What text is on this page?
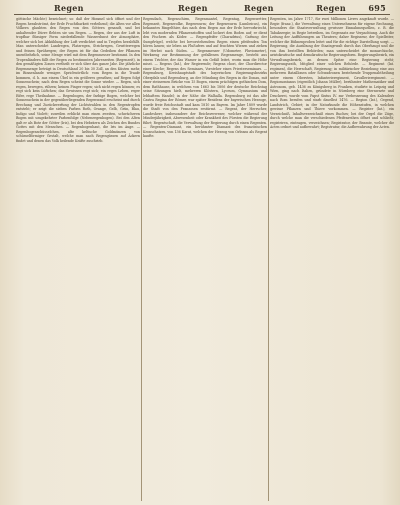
Regen	Regen	Regen	Regen	695

göttische Mächte) bezeichnet; so: daß der Himmel sich öffnet und der Regen herabströmt, der Erde Fruchtbarkeit verleihend; die Alten vor allen Völkern glaubten den Regen von den Göttern gesandt, und bei anhaltender Dürre flehten sie um Regen. — Regen, der aus der Luft in tropfbar flüssiger Form niederfallende Wasserdunst der Atmosphäre, welcher sich bei Abkühlung der Luft verdichtet und in Tropfen herabfällt. Man unterscheidet Landregen, Platzregen, Strichregen, Gewitterregen und feinen Sprühregen; der Regen ist für das Gedeihen der Pflanzen unentbehrlich, seine Menge wird mit dem Regenmesser bestimmt. In den Tropenländern fällt der Regen zu bestimmten Jahreszeiten (Regenzeit), in den gemäßigten Zonen vertheilt er sich über das ganze Jahr. Die jährliche Regenmenge beträgt in Deutschland 20 bis 30 Zoll, an den Küsten mehr, im Binnenlande weniger. Sprichwörtlich: vom Regen in die Traufe kommen, d. h. aus einem Übel in ein größeres gerathen; auf Regen folgt Sonnenschein; nach dem Regen scheint die Sonne wieder. — Regen, sich regen, bewegen, rühren; keinen Finger regen; sich nicht regen können; es regt sich kein Lüftchen; das Gewissen regt sich; ein reges Leben, reger Eifer, rege Theilnahme. — Regenbogen, der farbige Bogen, welcher bei Sonnenschein in der gegenüberliegenden Regenwand erscheint und durch Brechung und Zurückwerfung der Lichtstrahlen in den Regentropfen entsteht; er zeigt die sieben Farben Roth, Orange, Gelb, Grün, Blau, Indigo und Violett; zuweilen erblickt man einen zweiten, schwächeren Bogen mit umgekehrter Farbenfolge (Nebenregenbogen). Bei den Alten galt er als Bote der Götter (Iris), bei den Hebräern als Zeichen des Bundes Gottes mit den Menschen. — Regenbogenhaut, die Iris im Auge. — Regenbogenschüsselchen, alte keltische Goldmünzen von schüsselförmiger Gestalt, welche man nach Regengüssen auf Äckern findet und denen das Volk heilende Kräfte zuschrieb.

Regendach, Regenschirm, Regenmantel, Regentag, Regenwetter, Regenzeit, Regenwolke, Regenwurm; der Regenwurm (Lumbricus), ein bekanntes Ringelthier, das nach dem Regen aus der Erde hervorkriecht, lebt von modernden Pflanzenstoffen und lockert den Boden auf; er dient den Fischern als Köder. — Regenpfeifer (Charadrius), Gattung der Sumpfvögel, welche bei bevorstehendem Regen einen pfeifenden Ton hören lassen; sie leben an Flußufern und auf feuchten Wiesen und ziehen im Herbst nach Süden. — Regenmesser (Udometer, Pluviometer), Werkzeug zur Bestimmung der gefallenen Regenmenge, besteht aus einem Trichter, der das Wasser in ein Gefäß leitet, worin man die Höhe misst. — Regens (lat.), der Regierende; Regens chori, der Chordirector einer Kirche; Regens des Seminars, Vorsteher eines Priesterseminars. — Regensburg, Kreishauptstadt des bayerischen Regierungsbezirks Oberpfalz und Regensburg, an der Mündung des Regen in die Donau, mit einer steinernen Brücke von 15 Bogen, einem prächtigen gothischen Dom, dem Rathhause, in welchem von 1663 bis 1806 der deutsche Reichstag seine Sitzungen hielt, mehreren Klöstern, Lyceum, Gymnasium und lebhaftem Handel; in der Nähe die Walhalla. Regensburg ist das alte Castra Regina der Römer, war später Residenz der bayerischen Herzoge, wurde freie Reichsstadt und kam 1810 an Bayern. Im Jahre 1809 wurde die Stadt von den Franzosen erstürmt. — Regent, der Herrscher, Landesherr, insbesondere der Reichsverweser, welcher während der Minderjährigkeit, Abwesenheit oder Krankheit des Fürsten die Regierung führt; Regentschaft, die Verwaltung der Regierung durch einen Regenten. — Regenten-Diamant, ein berühmter Diamant des französischen Kronschatzes, von 136 Karat, welchen der Herzog von Orleans als Regent kaufte.

Regenten, im Jahre 1717, für zwei Millionen Livres angekauft wurde. — Regie (franz.), die Verwaltung eines Unternehmens für eigene Rechnung, besonders die Staatsverwaltung gewisser Einnahmequellen, z. B. die Tabaksregie; in Regie betreiben, im Gegensatz zur Verpachtung. Auch die Leitung der Aufführungen an Theatern; daher Regisseur, der Spielleiter, welcher die Bühnenproben leitet und für die richtige Darstellung sorgt. — Regierung, die Ausübung der Staatsgewalt durch das Oberhaupt und die von ihm bestellten Behörden; man unterscheidet die monarchische, aristokratische und demokratische Regierungsform. Regierungsbezirk, ein Verwaltungsbezirk, an dessen Spitze eine Regierung steht; Regierungsrath, Mitglied einer solchen Behörde. — Regiment (lat. regimen), die Herrschaft, Regierung; in militärischer Beziehung eine aus mehreren Bataillonen oder Schwadronen bestehende Truppenabtheilung unter einem Obersten, Infanterieregiment, Cavallerieregiment. — Regiomontanus (eigentlich Johann Müller), berühmter Mathematiker und Astronom, geb. 1436 zu Königsberg in Franken, studirte in Leipzig und Wien, ging nach Italien, gründete in Nürnberg eine Sternwarte und Druckerei, wurde vom Papst Sixtus IV. zur Verbesserung des Kalenders nach Rom berufen und starb daselbst 1476. — Region (lat.), Gegend, Landstrich, Gebiet; in der Naturkunde die Höhenstufen, in welchen gewisse Pflanzen und Thiere vorkommen. — Register (lat.), ein Verzeichniß, Inhaltsverzeichniß eines Buches; bei der Orgel die Züge, durch welche man die verschiedenen Pfeifenreihen öffnet und schließt; registriren, eintragen, verzeichnen; Registrator, der Beamte, welcher die Acten ordnet und aufbewahrt; Registratur, die Aufbewahrung der Acten.
